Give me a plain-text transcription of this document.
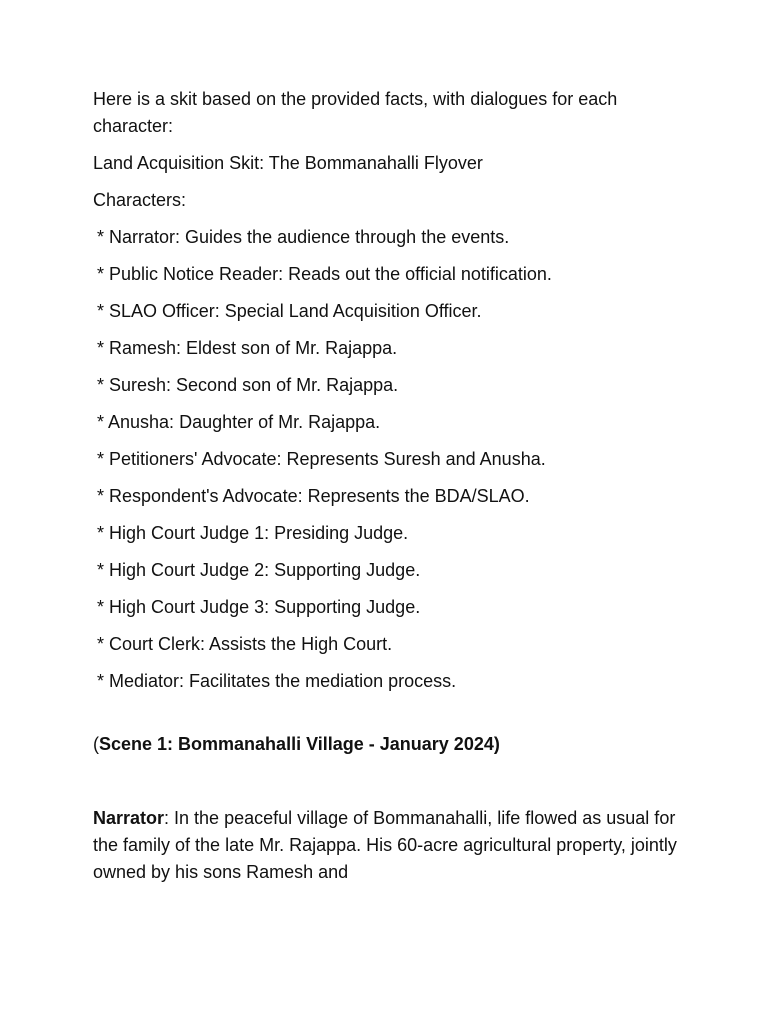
Here is a skit based on the provided facts, with dialogues for each character:

Land Acquisition Skit: The Bommanahalli Flyover

Characters:

* Narrator: Guides the audience through the events.
* Public Notice Reader: Reads out the official notification.
* SLAO Officer: Special Land Acquisition Officer.
* Ramesh: Eldest son of Mr. Rajappa.
* Suresh: Second son of Mr. Rajappa.
* Anusha: Daughter of Mr. Rajappa.
* Petitioners' Advocate: Represents Suresh and Anusha.
* Respondent's Advocate: Represents the BDA/SLAO.
* High Court Judge 1: Presiding Judge.
* High Court Judge 2: Supporting Judge.
* High Court Judge 3: Supporting Judge.
* Court Clerk: Assists the High Court.
* Mediator: Facilitates the mediation process.

(Scene 1: Bommanahalli Village - January 2024)

Narrator: In the peaceful village of Bommanahalli, life flowed as usual for the family of the late Mr. Rajappa. His 60-acre agricultural property, jointly owned by his sons Ramesh and
